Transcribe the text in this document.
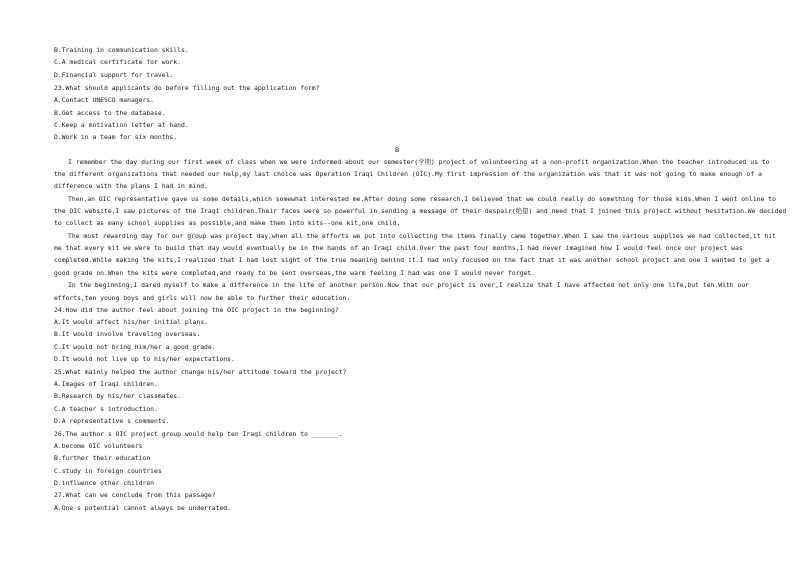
B.Training in communication skills.
C.A medical certificate for work.
D.Financial support for travel.
23.What should applicants do before filling out the application form?
A.Contact UNESCO managers.
B.Get access to the database.
C.Keep a motivation letter at hand.
D.Work in a team for six months.
B
I remember the day during our first week of class when we were informed about our semester(学期) project of volunteering at a non-profit organization.When the teacher introduced us to
the different organizations that needed our help,my last choice was Operation Iraqi Children (OIC).My first impression of the organization was that it was not going to make enough of a
difference with the plans I had in mind.
Then,an OIC representative gave us some details,which somewhat interested me.After doing some research,I believed that we could really do something for those kids.When I went online to
the OIC website,I saw pictures of the Iraqi children.Their faces were so powerful in sending a message of their despair(绝望) and need that I joined this project without hesitation.We decided
to collect as many school supplies as possible,and make them into kits--one kit,one child.
The most rewarding day for our group was project day,when all the efforts we put into collecting the items finally came together.When I saw the various supplies we had collected,it hit
me that every kit we were to build that day would eventually be in the hands of an Iraqi child.Over the past four months,I had never imagined how I would feel once our project was
completed.While making the kits,I realized that I had lost sight of the true meaning behind it.I had only focused on the fact that it was another school project and one I wanted to get a
good grade on.When the kits were completed,and ready to be sent overseas,the warm feeling I had was one I would never forget.
In the beginning,I dared myself to make a difference in the life of another person.Now that our project is over,I realize that I have affected not only one life,but ten.With our
efforts,ten young boys and girls will now be able to further their education.
24.How did the author feel about joining the OIC project in the beginning?
A.It would affect his/her initial plans.
B.It would involve traveling overseas.
C.It would not bring him/her a good grade.
D.It would not live up to his/her expectations.
25.What mainly helped the author change his/her attitude toward the project?
A.Images of Iraqi children.
B.Research by his/her classmates.
C.A teacher s introduction.
D.A representative s comments.
26.The author s OIC project group would help ten Iraqi children to _______.
A.become OIC volunteers
B.further their education
C.study in foreign countries
D.influence other children
27.What can we conclude from this passage?
A.One s potential cannot always be underrated.
